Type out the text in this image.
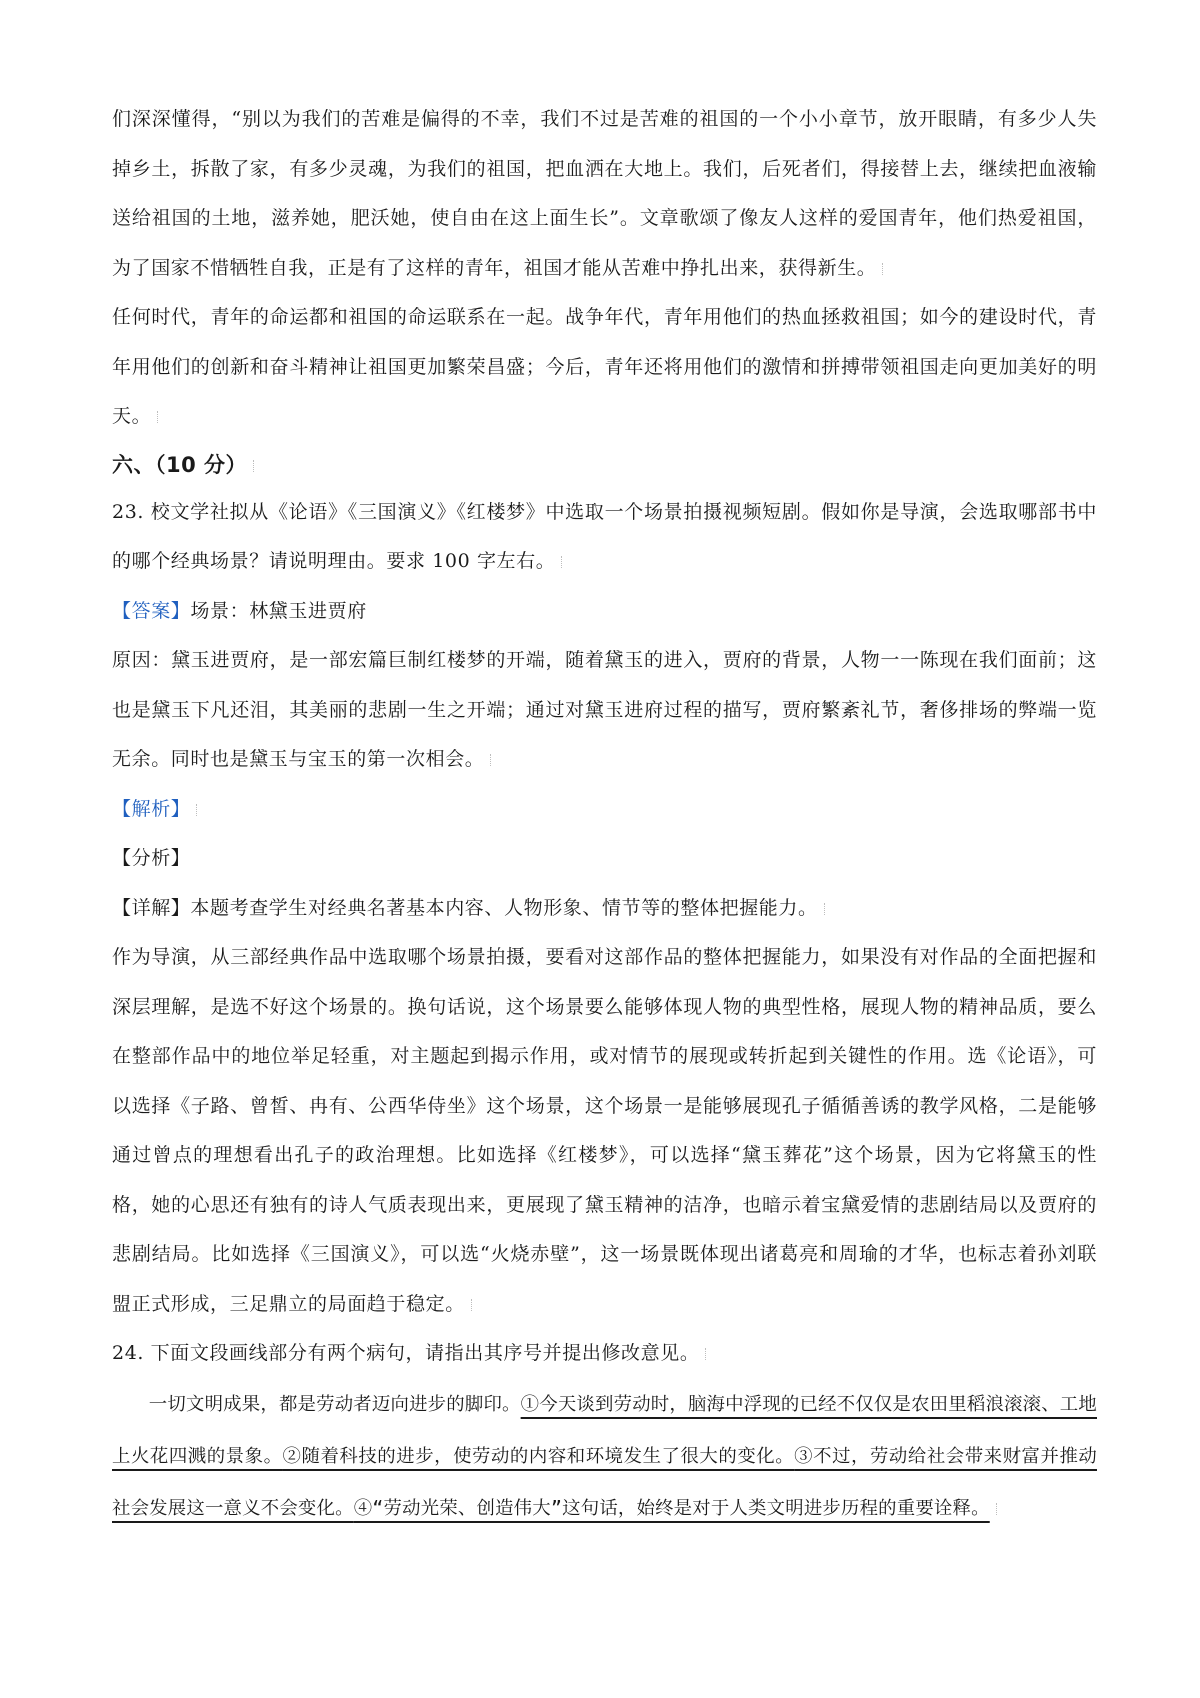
们深深懂得，“别以为我们的苦难是偏得的不幸，我们不过是苦难的祖国的一个小小章节，放开眼睛，有多少人失掉乡土，拆散了家，有多少灵魂，为我们的祖国，把血洒在大地上。我们，后死者们，得接替上去，继续把血液输送给祖国的土地，滋养她，肥沃她，使自由在这上面生长”。文章歌颂了像友人这样的爱国青年，他们热爱祖国，为了国家不惜牺牲自我，正是有了这样的青年，祖国才能从苦难中挣扎出来，获得新生。

任何时代，青年的命运都和祖国的命运联系在一起。战争年代，青年用他们的热血拯救祖国；如今的建设时代，青年用他们的创新和奋斗精神让祖国更加繁荣昌盛；今后，青年还将用他们的激情和拼搏带领祖国走向更加美好的明天。

六、（10 分）

23. 校文学社拟从《论语》《三国演义》《红楼梦》中选取一个场景拍摄视频短剧。假如你是导演，会选取哪部书中的哪个经典场景？请说明理由。要求 100 字左右。

【答案】场景：林黛玉进贾府

原因：黛玉进贾府，是一部宏篇巨制红楼梦的开端，随着黛玉的进入，贾府的背景，人物一一陈现在我们面前；这也是黛玉下凡还泪，其美丽的悲剧一生之开端；通过对黛玉进府过程的描写，贾府繁紊礼节，奢侈排场的弊端一览无余。同时也是黛玉与宝玉的第一次相会。

【解析】

【分析】

【详解】本题考查学生对经典名著基本内容、人物形象、情节等的整体把握能力。

作为导演，从三部经典作品中选取哪个场景拍摄，要看对这部作品的整体把握能力，如果没有对作品的全面把握和深层理解，是选不好这个场景的。换句话说，这个场景要么能够体现人物的典型性格，展现人物的精神品质，要么在整部作品中的地位举足轻重，对主题起到揭示作用，或对情节的展现或转折起到关键性的作用。选《论语》，可以选择《子路、曾皙、冉有、公西华侍坐》这个场景，这个场景一是能够展现孔子循循善诱的教学风格，二是能够通过曾点的理想看出孔子的政治理想。比如选择《红楼梦》，可以选择“黛玉葬花”这个场景，因为它将黛玉的性格，她的心思还有独有的诗人气质表现出来，更展现了黛玉精神的洁净，也暗示着宝黛爱情的悲剧结局以及贾府的悲剧结局。比如选择《三国演义》，可以选“火烧赤壁”，这一场景既体现出诸葛亮和周瑜的才华，也标志着孙刘联盟正式形成，三足鼎立的局面趋于稳定。

24. 下面文段画线部分有两个病句，请指出其序号并提出修改意见。

一切文明成果，都是劳动者迈向进步的脚印。①今天谈到劳动时，脑海中浮现的已经不仅仅是农田里稻浪滚滚、工地上火花四溅的景象。②随着科技的进步，使劳动的内容和环境发生了很大的变化。③不过，劳动给社会带来财富并推动社会发展这一意义不会变化。④“劳动光荣、创造伟大”这句话，始终是对于人类文明进步历程的重要诠释。
